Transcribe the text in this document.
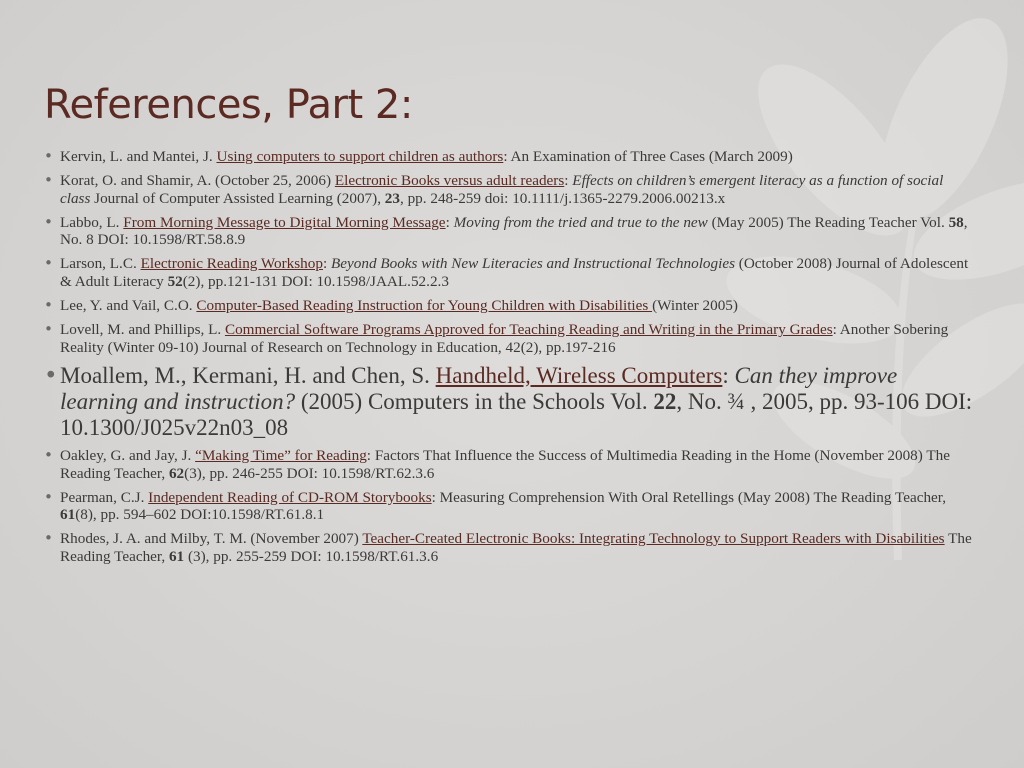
References, Part 2:
• Kervin, L. and Mantei, J. Using computers to support children as authors: An Examination of Three Cases (March 2009)
• Korat, O. and Shamir, A. (October 25, 2006) Electronic Books versus adult readers: Effects on children’s emergent literacy as a function of social class Journal of Computer Assisted Learning (2007), 23, pp. 248-259 doi: 10.1111/j.1365-2279.2006.00213.x
• Labbo, L. From Morning Message to Digital Morning Message: Moving from the tried and true to the new (May 2005) The Reading Teacher Vol. 58, No. 8 DOI: 10.1598/RT.58.8.9
• Larson, L.C. Electronic Reading Workshop: Beyond Books with New Literacies and Instructional Technologies (October 2008) Journal of Adolescent & Adult Literacy 52(2), pp.121-131 DOI: 10.1598/JAAL.52.2.3
• Lee, Y. and Vail, C.O. Computer-Based Reading Instruction for Young Children with Disabilities (Winter 2005)
• Lovell, M. and Phillips, L. Commercial Software Programs Approved for Teaching Reading and Writing in the Primary Grades: Another Sobering Reality (Winter 09-10) Journal of Research on Technology in Education, 42(2), pp.197-216
• Moallem, M., Kermani, H. and Chen, S. Handheld, Wireless Computers: Can they improve learning and instruction? (2005) Computers in the Schools Vol. 22, No. ¾ , 2005, pp. 93-106 DOI: 10.1300/J025v22n03_08
• Oakley, G. and Jay, J. “Making Time” for Reading: Factors That Influence the Success of Multimedia Reading in the Home (November 2008) The Reading Teacher, 62(3), pp. 246-255 DOI: 10.1598/RT.62.3.6
• Pearman, C.J. Independent Reading of CD-ROM Storybooks: Measuring Comprehension With Oral Retellings (May 2008) The Reading Teacher, 61(8), pp. 594–602 DOI:10.1598/RT.61.8.1
• Rhodes, J. A. and Milby, T. M. (November 2007) Teacher-Created Electronic Books: Integrating Technology to Support Readers with Disabilities The Reading Teacher, 61 (3), pp. 255-259 DOI: 10.1598/RT.61.3.6
